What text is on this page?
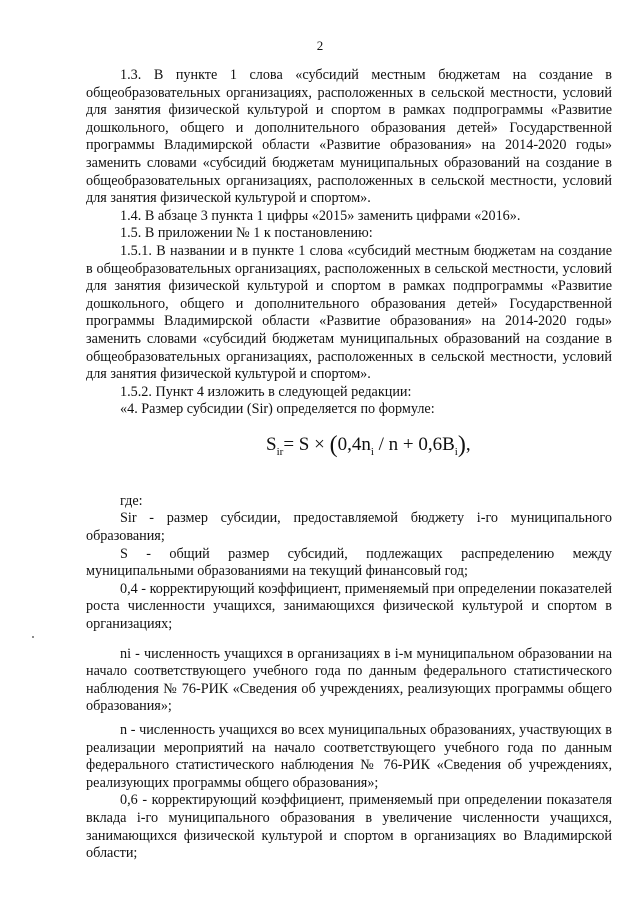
2

1.3. В пункте 1 слова «субсидий местным бюджетам на создание в общеобразовательных организациях, расположенных в сельской местности, условий для занятия физической культурой и спортом в рамках подпрограммы «Развитие дошкольного, общего и дополнительного образования детей» Государственной программы Владимирской области «Развитие образования» на 2014-2020 годы» заменить словами «субсидий бюджетам муниципальных образований на создание в общеобразовательных организациях, расположенных в сельской местности, условий для занятия физической культурой и спортом».

1.4. В абзаце 3 пункта 1 цифры «2015» заменить цифрами «2016».

1.5. В приложении № 1 к постановлению:

1.5.1. В названии и в пункте 1 слова «субсидий местным бюджетам на создание в общеобразовательных организациях, расположенных в сельской местности, условий для занятия физической культурой и спортом в рамках подпрограммы «Развитие дошкольного, общего и дополнительного образования детей» Государственной программы Владимирской области «Развитие образования» на 2014-2020 годы» заменить словами «субсидий бюджетам муниципальных образований на создание в общеобразовательных организациях, расположенных в сельской местности, условий для занятия физической культурой и спортом».

1.5.2. Пункт 4 изложить в следующей редакции:

«4. Размер субсидии (Sir) определяется по формуле:

$S_{ir}= S \times (0,4n_i / n + 0,6B_i)$,

где:

Sir - размер субсидии, предоставляемой бюджету i-го муниципального образования;

S - общий размер субсидий, подлежащих распределению между муниципальными образованиями на текущий финансовый год;

0,4 - корректирующий коэффициент, применяемый при определении показателей роста численности учащихся, занимающихся физической культурой и спортом в организациях;

ni - численность учащихся в организациях в i-м муниципальном образовании на начало соответствующего учебного года по данным федерального статистического наблюдения № 76-РИК «Сведения об учреждениях, реализующих программы общего образования»;

n - численность учащихся во всех муниципальных образованиях, участвующих в реализации мероприятий на начало соответствующего учебного года по данным федерального статистического наблюдения № 76-РИК «Сведения об учреждениях, реализующих программы общего образования»;

0,6 - корректирующий коэффициент, применяемый при определении показателя вклада i-го муниципального образования в увеличение численности учащихся, занимающихся физической культурой и спортом в организациях во Владимирской области;
